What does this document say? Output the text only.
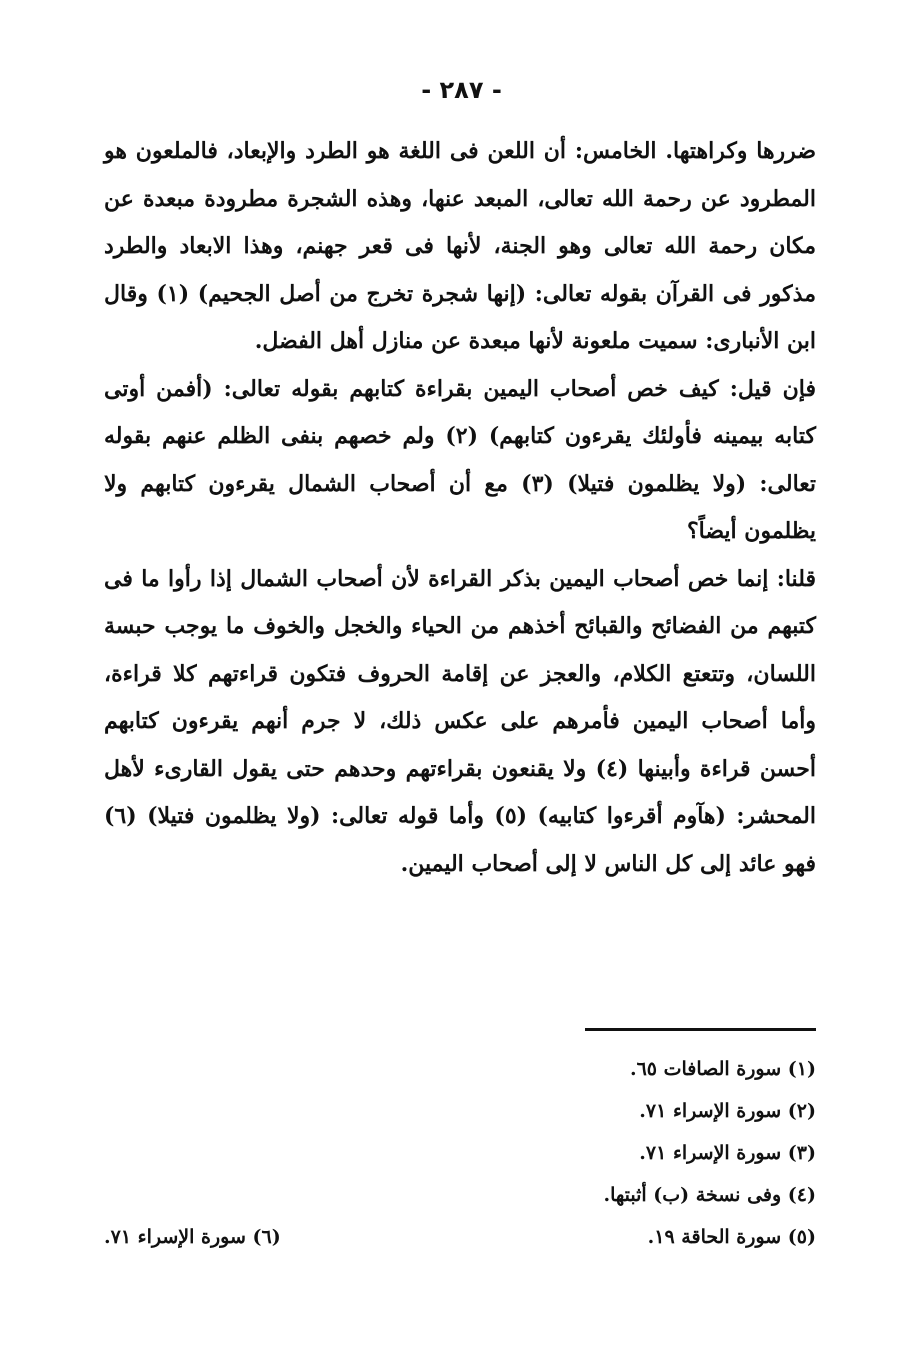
- ٢٨٧ -

ضررها وكراهتها. الخامس: أن اللعن فى اللغة هو الطرد والإبعاد، فالملعون هو المطرود عن رحمة الله تعالى، المبعد عنها، وهذه الشجرة مطرودة مبعدة عن مكان رحمة الله تعالى وهو الجنة، لأنها فى قعر جهنم، وهذا الابعاد والطرد مذكور فى القرآن بقوله تعالى: (إنها شجرة تخرج من أصل الجحيم) (١) وقال ابن الأنبارى: سميت ملعونة لأنها مبعدة عن منازل أهل الفضل.

فإن قيل: كيف خص أصحاب اليمين بقراءة كتابهم بقوله تعالى: (أفمن أوتى كتابه بيمينه فأولئك يقرءون كتابهم) (٢) ولم خصهم بنفى الظلم عنهم بقوله تعالى: (ولا يظلمون فتيلا) (٣) مع أن أصحاب الشمال يقرءون كتابهم ولا يظلمون أيضاً؟

قلنا: إنما خص أصحاب اليمين بذكر القراءة لأن أصحاب الشمال إذا رأوا ما فى كتبهم من الفضائح والقبائح أخذهم من الحياء والخجل والخوف ما يوجب حبسة اللسان، وتتعتع الكلام، والعجز عن إقامة الحروف فتكون قراءتهم كلا قراءة، وأما أصحاب اليمين فأمرهم على عكس ذلك، لا جرم أنهم يقرءون كتابهم أحسن قراءة وأبينها (٤) ولا يقنعون بقراءتهم وحدهم حتى يقول القارىء لأهل المحشر: (هآوم أقرءوا كتابيه) (٥) وأما قوله تعالى: (ولا يظلمون فتيلا) (٦) فهو عائد إلى كل الناس لا إلى أصحاب اليمين.

(١) سورة الصافات ٦٥.
(٢) سورة الإسراء ٧١.
(٣) سورة الإسراء ٧١.
(٤) وفى نسخة (ب) أثبتها.
(٥) سورة الحاقة ١٩.
(٦) سورة الإسراء ٧١.
